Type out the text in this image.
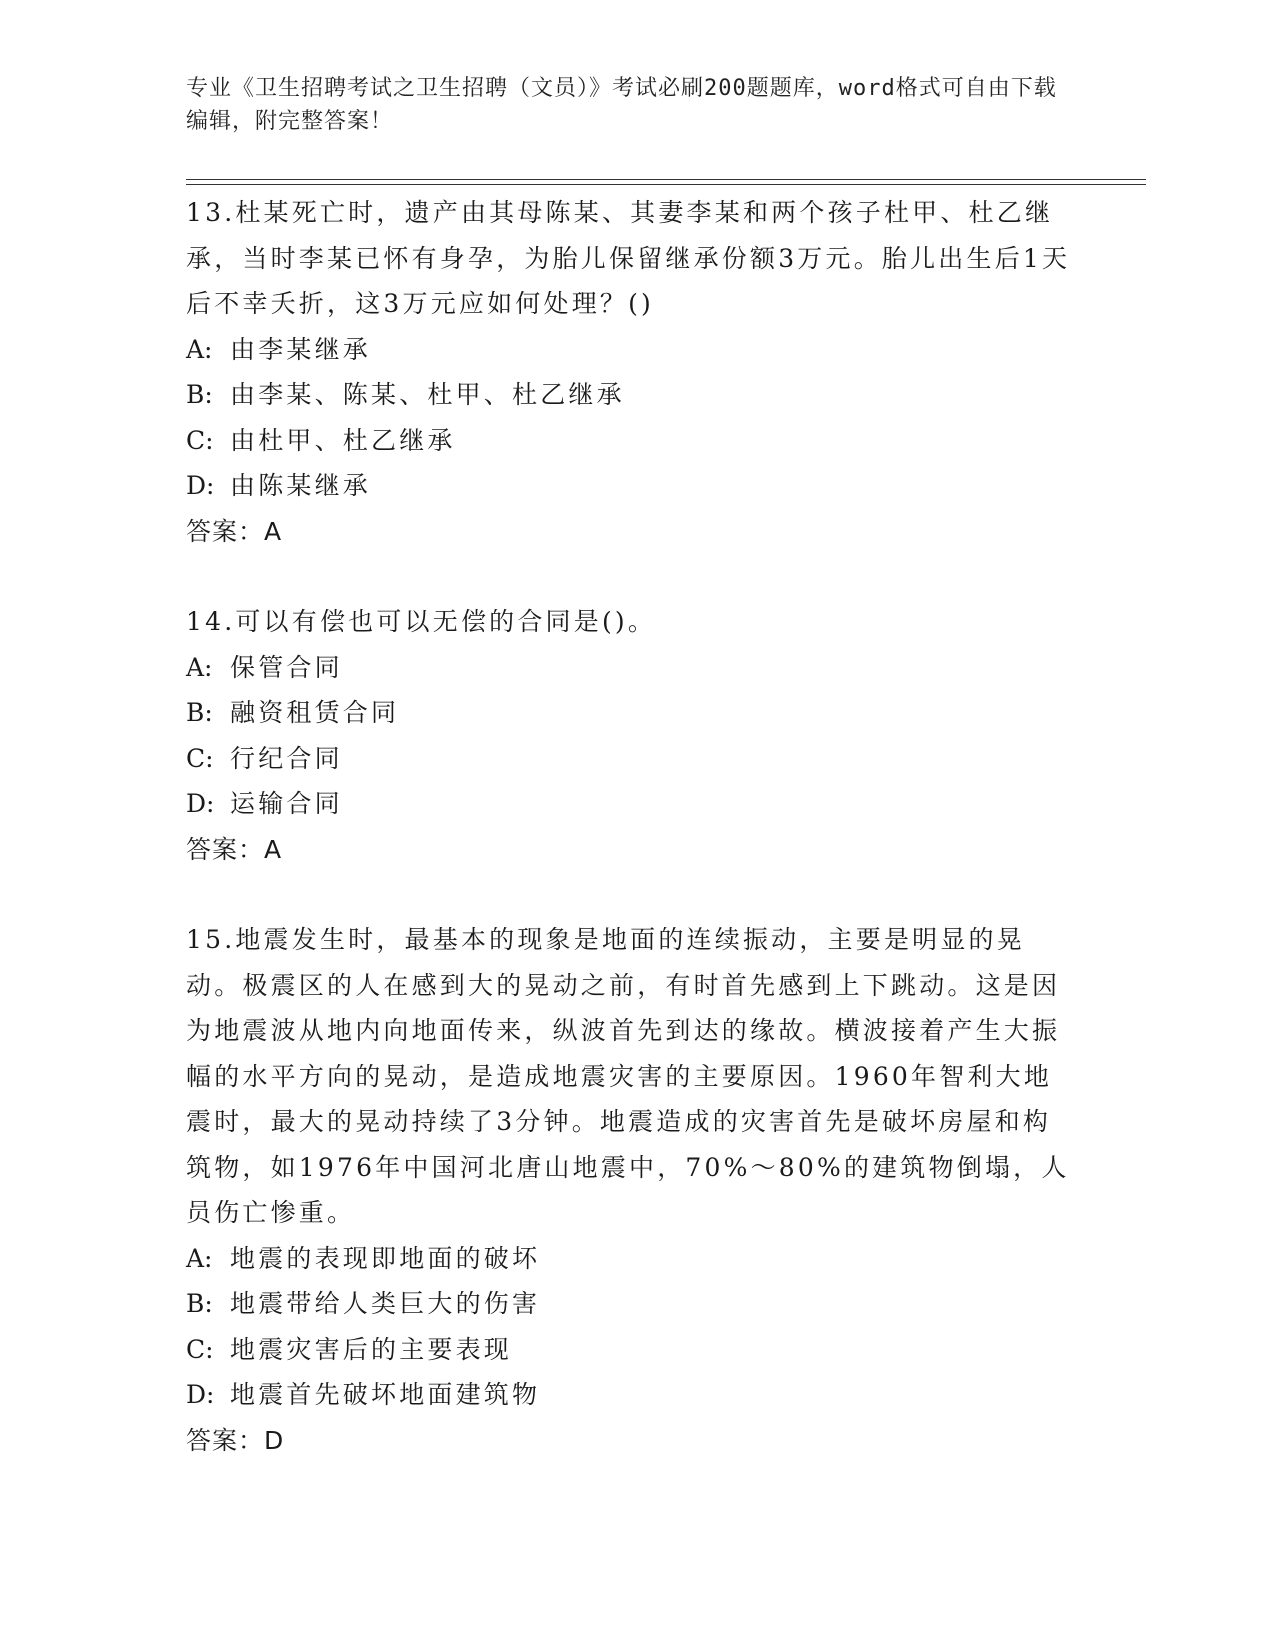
专业《卫生招聘考试之卫生招聘（文员）》考试必刷200题题库，word格式可自由下载编辑，附完整答案！

13.杜某死亡时，遗产由其母陈某、其妻李某和两个孩子杜甲、杜乙继承，当时李某已怀有身孕，为胎儿保留继承份额3万元。胎儿出生后1天后不幸夭折，这3万元应如何处理？()

A: 由李某继承

B: 由李某、陈某、杜甲、杜乙继承

C: 由杜甲、杜乙继承

D: 由陈某继承

答案：A

14.可以有偿也可以无偿的合同是()。

A: 保管合同

B: 融资租赁合同

C: 行纪合同

D: 运输合同

答案：A

15.地震发生时，最基本的现象是地面的连续振动，主要是明显的晃动。极震区的人在感到大的晃动之前，有时首先感到上下跳动。这是因为地震波从地内向地面传来，纵波首先到达的缘故。横波接着产生大振幅的水平方向的晃动，是造成地震灾害的主要原因。1960年智利大地震时，最大的晃动持续了3分钟。地震造成的灾害首先是破坏房屋和构筑物，如1976年中国河北唐山地震中，70%～80%的建筑物倒塌，人员伤亡惨重。

A: 地震的表现即地面的破坏

B: 地震带给人类巨大的伤害

C: 地震灾害后的主要表现

D: 地震首先破坏地面建筑物

答案：D
